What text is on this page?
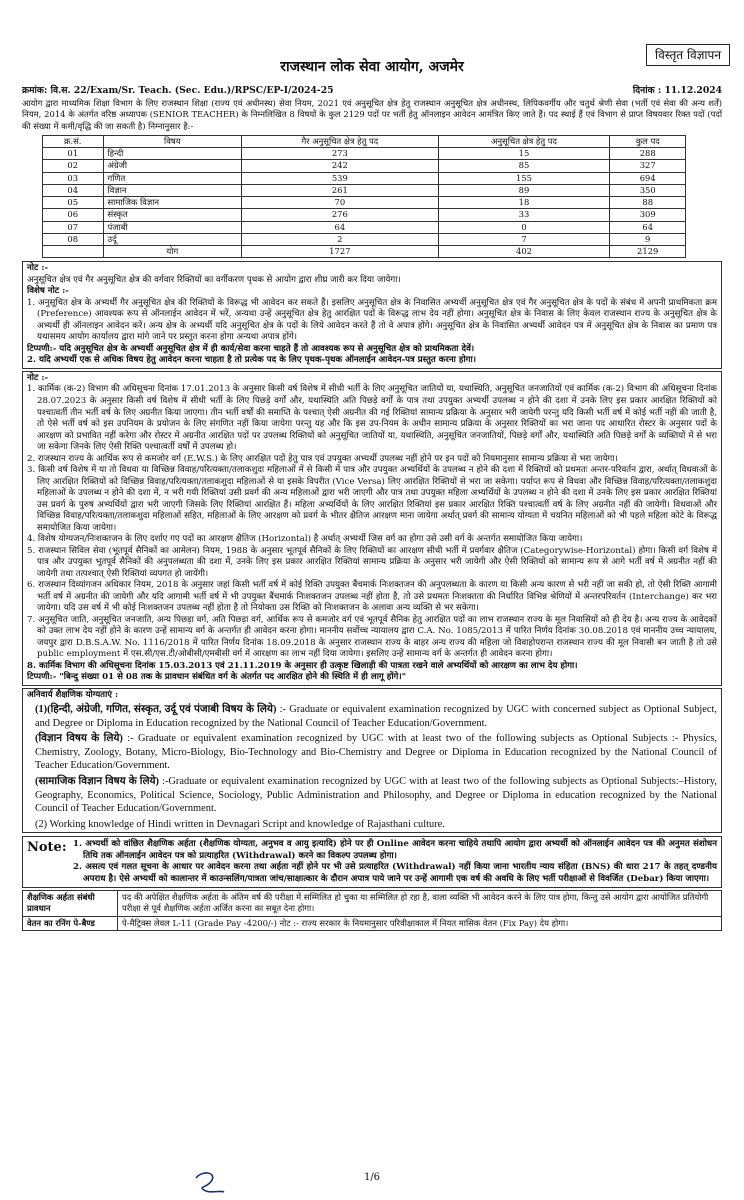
विस्तृत विज्ञापन
राजस्थान लोक सेवा आयोग, अजमेर
क्रमांक: वि.स. 22/Exam/Sr. Teach. (Sec. Edu.)/RPSC/EP-I/2024-25	दिनांक : 11.12.2024
आयोग द्वारा माध्यमिक शिक्षा विभाग के लिए राजस्थान शिक्षा (राज्य एवं अधीनस्थ) सेवा नियम, 2021 एवं अनुसूचित क्षेत्र हेतु राजस्थान अनुसूचित क्षेत्र अधीनस्थ, लिपिकवर्गीय और चतुर्थ श्रेणी सेवा (भर्ती एवं सेवा की अन्य शर्तें) नियम, 2014 के अंतर्गत वरिष्ठ अध्यापक (SENIOR TEACHER) के निम्नलिखित 8 विषयों के कुल 2129 पदों पर भर्ती हेतु ऑनलाइन आवेदन आमंत्रित किए जाते हैं। पद स्थाई हैं एवं विभाग से प्राप्त विषयवार रिक्त पदों (पदों की संख्या में कमी/वृद्धि की जा सकती है) निम्नानुसार है:-
क्र.सं.	विषय	गैर अनुसूचित क्षेत्र हेतु पद	अनुसूचित क्षेत्र हेतु पद	कुल पद
01	हिन्दी	273	15	288
02	अंग्रेजी	242	85	327
03	गणित	539	155	694
04	विज्ञान	261	89	350
05	सामाजिक विज्ञान	70	18	88
06	संस्कृत	276	33	309
07	पंजाबी	64	0	64
08	उर्दू	2	7	9
	योग	1727	402	2129
नोट :-
अनुसूचित क्षेत्र एवं गैर अनुसूचित क्षेत्र की वर्गवार रिक्तियों का वर्गीकरण पृथक से आयोग द्वारा शीघ्र जारी कर दिया जायेगा।
विशेष नोट :-
1. अनुसूचित क्षेत्र के अभ्यर्थी गैर अनुसूचित क्षेत्र की रिक्तियों के विरूद्ध भी आवेदन कर सकते हैं। इसलिए अनुसूचित क्षेत्र के निवासित अभ्यर्थी अनुसूचित क्षेत्र एवं गैर अनुसूचित क्षेत्र के पदों के संबंध में अपनी प्राथमिकता क्रम (Preference) आवश्यक रूप से ऑनलाईन आवेदन में भरें, अन्यथा उन्हें अनुसूचित क्षेत्र हेतु आरक्षित पदों के विरूद्ध लाभ देय नहीं होगा। अनुसूचित क्षेत्र के निवास के लिए केवल राजस्थान राज्य के अनुसूचित क्षेत्र के अभ्यर्थी ही ऑनलाइन आवेदन करें। अन्य क्षेत्र के अभ्यर्थी यदि अनुसूचित क्षेत्र के पदों के लिये आवेदन करते हैं तो वे अपात्र होंगे। अनुसूचित क्षेत्र के निवासित अभ्यर्थी आवेदन पत्र में अनुसूचित क्षेत्र के निवास का प्रमाण पत्र यथासमय आयोग कार्यालय द्वारा मांगे जाने पर प्रस्तुत करना होगा अन्यथा अपात्र होंगे।
टिप्पणी:- यदि अनुसूचित क्षेत्र के अभ्यर्थी अनुसूचित क्षेत्र में ही कार्य/सेवा करना चाहते हैं तो आवश्यक रूप से अनुसूचित क्षेत्र को प्राथमिकता देवें।
2. यदि अभ्यर्थी एक से अधिक विषय हेतु आवेदन करना चाहता है तो प्रत्येक पद के लिए पृथक-पृथक ऑनलाईन आवेदन-पत्र प्रस्तुत करना होगा।
नोट :-
1. कार्मिक (क-2) विभाग की अधिसूचना दिनांक 17.01.2013 के अनुसार किसी वर्ष विशेष में सीधी भर्ती के लिए अनुसूचित जातियों या, यथास्थिति, अनुसूचित जनजातियों एवं कार्मिक (क-2) विभाग की अधिसूचना दिनांक 28.07.2023 के अनुसार किसी वर्ष विशेष में सीधी भर्ती के लिए पिछड़े वर्गों और, यथास्थिति अति पिछड़े वर्गों के पात्र तथा उपयुक्त अभ्यर्थी उपलब्ध न होने की दशा में उनके लिए इस प्रकार आरक्षित रिक्तियों को पश्चात्वर्ती तीन भर्ती वर्ष के लिए अग्रनीत किया जाएगा। तीन भर्ती वर्षों की समाप्ति के पश्चात् ऐसी अग्रनीत की गई रिक्तियां सामान्य प्रक्रिया के अनुसार भरी जायेगी परन्तु यदि किसी भर्ती वर्ष में कोई भर्ती नहीं की जाती है, तो ऐसे भर्ती वर्ष को इस उपनियम के प्रयोजन के लिए संगणित नहीं किया जायेगा परन्तु यह और कि इस उप-नियम के अधीन सामान्य प्रक्रिया के अनुसार रिक्तियों का भरा जाना पद आधारित रोस्टर के अनुसार पदों के आरक्षण को प्रभावित नहीं करेगा और रोस्टर में अग्रनीत आरक्षित पदों पर उपलब्ध रिक्तियों को अनुसूचित जातियों या, यथास्थिति, अनुसूचित जनजातियों, पिछड़े वर्गों और, यथास्थिति अति पिछड़े वर्गों के व्यक्तियों में से भरा जा सकेगा जिनके लिए ऐसी रिक्ति पश्चात्वर्ती वर्षों में उपलब्ध हो।
2. राजस्थान राज्य के आर्थिक रूप से कमजोर वर्ग (E.W.S.) के लिए आरक्षित पदों हेतु पात्र एवं उपयुक्त अभ्यर्थी उपलब्ध नहीं होने पर इन पदों को नियमानुसार सामान्य प्रक्रिया से भरा जायेगा।
3. किसी वर्ष विशेष में या तो विधवा या विच्छिन्न विवाह/परित्यक्ता/तलाकशुदा महिलाओं में से किसी में पात्र और उपयुक्त अभ्यर्थियों के उपलब्ध न होने की दशा में रिक्तियों को प्रथमतः अन्तर-परिवर्तन द्वारा, अर्थात् विधवाओं के लिए आरक्षित रिक्तियों को विच्छिन्न विवाह/परित्यक्ता/तलाकशुदा महिलाओं से या इसके विपरीत (Vice Versa) लिए आरक्षित रिक्तियों से भरा जा सकेगा। पर्याप्त रूप से विधवा और विच्छिन्न विवाह/परित्यक्ता/तलाकशुदा महिलाओं के उपलब्ध न होने की दशा में, न भरी गयी रिक्तियां उसी प्रवर्ग की अन्य महिलाओं द्वारा भरी जाएगी और पात्र तथा उपयुक्त महिला अभ्यर्थियों के उपलब्ध न होने की दशा में उनके लिए इस प्रकार आरक्षित रिक्तियां उस प्रवर्ग के पुरुष अभ्यर्थियों द्वारा भरी जाएगी जिसके लिए रिक्तियां आरक्षित हैं। महिला अभ्यर्थियों के लिए आरक्षित रिक्तियां इस प्रकार आरक्षित रिक्ति पश्चात्वर्ती वर्ष के लिए अग्रनीत नहीं की जायेगी। विधवाओं और विच्छिन्न विवाह/परित्यक्ता/तलाकशुदा महिलाओं सहित, महिलाओं के लिए आरक्षण को प्रवर्ग के भीतर क्षैतिज आरक्षण माना जायेगा अर्थात् प्रवर्ग की सामान्य योग्यता में चयनित महिलाओं को भी पहले महिला कोटे के विरूद्ध समायोजित किया जायेगा।
4. विशेष योग्यजन/निःशक्तजन के लिए दर्शाए गए पदों का आरक्षण क्षैतिज (Horizontal) है अर्थात् अभ्यर्थी जिस वर्ग का होगा उसे उसी वर्ग के अन्तर्गत समायोजित किया जायेगा।
5. राजस्थान सिविल सेवा (भूतपूर्व सैनिकों का आमेलन) नियम, 1988 के अनुसार भूतपूर्व सैनिकों के लिए रिक्तियों का आरक्षण सीधी भर्ती में प्रवर्गवार क्षैतिज (Categorywise-Horizontal) होगा। किसी वर्ग विशेष में पात्र और उपयुक्त भूतपूर्व सैनिकों की अनुपलब्धता की दशा में, उनके लिए इस प्रकार आरक्षित रिक्तियां सामान्य प्रक्रिया के अनुसार भरी जायेगी और ऐसी रिक्तियों को सामान्य रूप से आगे भर्ती वर्ष में अग्रनीत नहीं की जायेगी तथा तत्पश्चात् ऐसी रिक्तियां व्यपगत हो जायेंगी।
6. राजस्थान दिव्यांगजन अधिकार नियम, 2018 के अनुसार जहां किसी भर्ती वर्ष में कोई रिक्ति उपयुक्त बैंचमार्क निःशक्तजन की अनुपलब्धता के कारण या किसी अन्य कारण से भरी नहीं जा सकी हो, तो ऐसी रिक्ति आगामी भर्ती वर्ष में अग्रनीत की जायेगी और यदि आगामी भर्ती वर्ष में भी उपयुक्त बैंचमार्क निःशक्तजन उपलब्ध नहीं होता है, तो उसे प्रथमतः निःशक्तता की निर्धारित विभिन्न श्रेणियों में अन्तरपरिवर्तन (Interchange) कर भरा जायेगा। यदि उस वर्ष में भी कोई निःशक्तजन उपलब्ध नहीं होता है तो नियोक्ता उस रिक्ति को निःशक्तजन के अलावा अन्य व्यक्ति से भर सकेगा।
7. अनुसूचित जाति, अनुसूचित जनजाति, अन्य पिछड़ा वर्ग, अति पिछड़ा वर्ग, आर्थिक रूप से कमजोर वर्ग एवं भूतपूर्व सैनिक हेतु आरक्षित पदों का लाभ राजस्थान राज्य के मूल निवासियों को ही देय है। अन्य राज्य के आवेदकों को उक्त लाभ देय नहीं होने के कारण उन्हें सामान्य वर्ग के अन्तर्गत ही आवेदन करना होगा। माननीय सर्वोच्च न्यायालय द्वारा C.A. No. 1085/2013 में पारित निर्णय दिनांक 30.08.2018 एवं माननीय उच्च न्यायालय, जयपुर द्वारा D.B.S.A.W. No. 1116/2018 में पारित निर्णय दिनांक 18.09.2018 के अनुसार राजस्थान राज्य के बाहर अन्य राज्य की महिला जो विवाहोपरान्त राजस्थान राज्य की मूल निवासी बन जाती है तो उसे public employment में एस.सी/एस.टी/ओबीसी/एमबीसी वर्ग में आरक्षण का लाभ नहीं दिया जायेगा। इसलिए उन्हें सामान्य वर्ग के अन्तर्गत ही आवेदन करना होगा।
8. कार्मिक विभाग की अधिसूचना दिनांक 15.03.2013 एवं 21.11.2019 के अनुसार ही उत्कृष्ट खिलाड़ी की पात्रता रखने वाले अभ्यर्थियों को आरक्षण का लाभ देय होगा।
टिप्पणी:- "बिन्दु संख्या 01 से 08 तक के प्रावधान संबंधित वर्ग के अंतर्गत पद आरक्षित होने की स्थिति में ही लागू होंगे।"
अनिवार्य शैक्षणिक योग्यताएं :
(1)(हिन्दी, अंग्रेजी, गणित, संस्कृत, उर्दू एवं पंजाबी विषय के लिये) :- Graduate or equivalent examination recognized by UGC with concerned subject as Optional Subject, and Degree or Diploma in Education recognized by the National Council of Teacher Education/Government.
(विज्ञान विषय के लिये) :- Graduate or equivalent examination recognized by UGC with at least two of the following subjects as Optional Subjects :- Physics, Chemistry, Zoology, Botany, Micro-Biology, Bio-Technology and Bio-Chemistry and Degree or Diploma in Education recognized by the National Council of Teacher Education/Government.
(सामाजिक विज्ञान विषय के लिये) :-Graduate or equivalent examination recognized by UGC with at least two of the following subjects as Optional Subjects:–History, Geography, Economics, Political Science, Sociology, Public Administration and Philosophy, and Degree or Diploma in education recognized by the National Council of Teacher Education/Government.
(2) Working knowledge of Hindi written in Devnagari Script and knowledge of Rajasthani culture.
Note: 1. अभ्यर्थी को वांछित शैक्षणिक अर्हता (शैक्षणिक योग्यता, अनुभव व आयु इत्यादि) होने पर ही Online आवेदन करना चाहिये तथापि आयोग द्वारा अभ्यर्थी को ऑनलाईन आवेदन पत्र की अनुमत संशोधन तिथि तक ऑनलाईन आवेदन पत्र को प्रत्याहरित (Withdrawal) करने का विकल्प उपलब्ध होगा।
2. असत्य एवं गलत सूचना के आधार पर आवेदन करना तथा अर्हता नहीं होने पर भी उसे प्रत्याहरित (Withdrawal) नहीं किया जाना भारतीय न्याय संहिता (BNS) की धारा 217 के तहत् दण्डनीय अपराध है। ऐसे अभ्यर्थी को कालान्तर में काउन्सलिंग/पात्रता जांच/साक्षात्कार के दौरान अपात्र पाये जाने पर उन्हें आगामी एक वर्ष की अवधि के लिए भर्ती परीक्षाओं से विवर्जित (Debar) किया जाएगा।
शैक्षणिक अर्हता संबंधी प्रावधान	पद की अपेक्षित शैक्षणिक अर्हता के अंतिम वर्ष की परीक्षा में सम्मिलित हो चुका या सम्मिलित हो रहा है, वाला व्यक्ति भी आवेदन करने के लिए पात्र होगा, किन्तु उसे आयोग द्वारा आयोजित प्रतियोगी परीक्षा से पूर्व शैक्षणिक अर्हता अर्जित करना का सबूत देना होगा।
वेतन का रनिंग पे-बैण्ड	पे-मैट्रिक्स लेवल L-11 (Grade Pay -4200/-) नोट :- राज्य सरकार के नियमानुसार परिवीक्षाकाल में नियत मासिक वेतन (Fix Pay) देय होगा।
1/6
